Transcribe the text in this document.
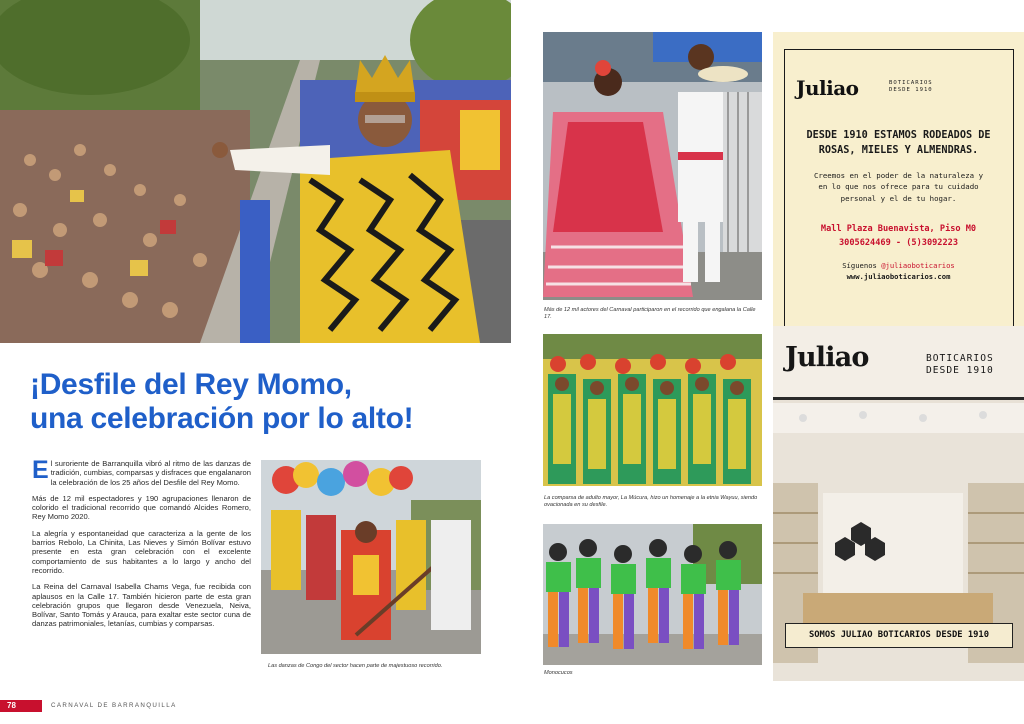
¡Desfile del Rey Momo,
una celebración por lo alto!

El suroriente de Barranquilla vibró al ritmo de las danzas de tradición, cumbias, comparsas y disfraces que engalanaron la celebración de los 25 años del Desfile del Rey Momo.

Más de 12 mil espectadores y 190 agrupaciones llenaron de colorido el tradicional recorrido que comandó Alcides Romero, Rey Momo 2020.

La alegría y espontaneidad que caracteriza a la gente de los barrios Rebolo, La Chinita, Las Nieves y Simón Bolívar estuvo presente en esta gran celebración con el excelente comportamiento de sus habitantes a lo largo y ancho del recorrido.

La Reina del Carnaval Isabella Chams Vega, fue recibida con aplausos en la Calle 17. También hicieron parte de esta gran celebración grupos que llegaron desde Venezuela, Neiva, Bolívar, Santo Tomás y Arauca, para exaltar este sector cuna de danzas patrimoniales, letanías, cumbias y comparsas.

Las danzas de Congo del sector hacen parte de majestuoso recorrido.
78	CARNAVAL DE BARRANQUILLA
Más de 12 mil actores del Carnaval participaron en el recorrido que engalana la Calle 17.
La comparsa de adulto mayor, La Múcura, hizo un homenaje a la etnia Wayuu, siendo ovacionada en su desfile.
Monocucos
Juliao	BOTICARIOS
DESDE 1910
DESDE 1910 ESTAMOS RODEADOS DE
ROSAS, MIELES Y ALMENDRAS.
Creemos en el poder de la naturaleza y
en lo que nos ofrece para tu cuidado
personal y el de tu hogar.
Mall Plaza Buenavista, Piso M0
3005624469 - (5)3092223
Síguenos @juliaoboticarios
www.juliaoboticarios.com
Juliao	BOTICARIOS
DESDE 1910
SOMOS JULIAO BOTICARIOS DESDE 1910
